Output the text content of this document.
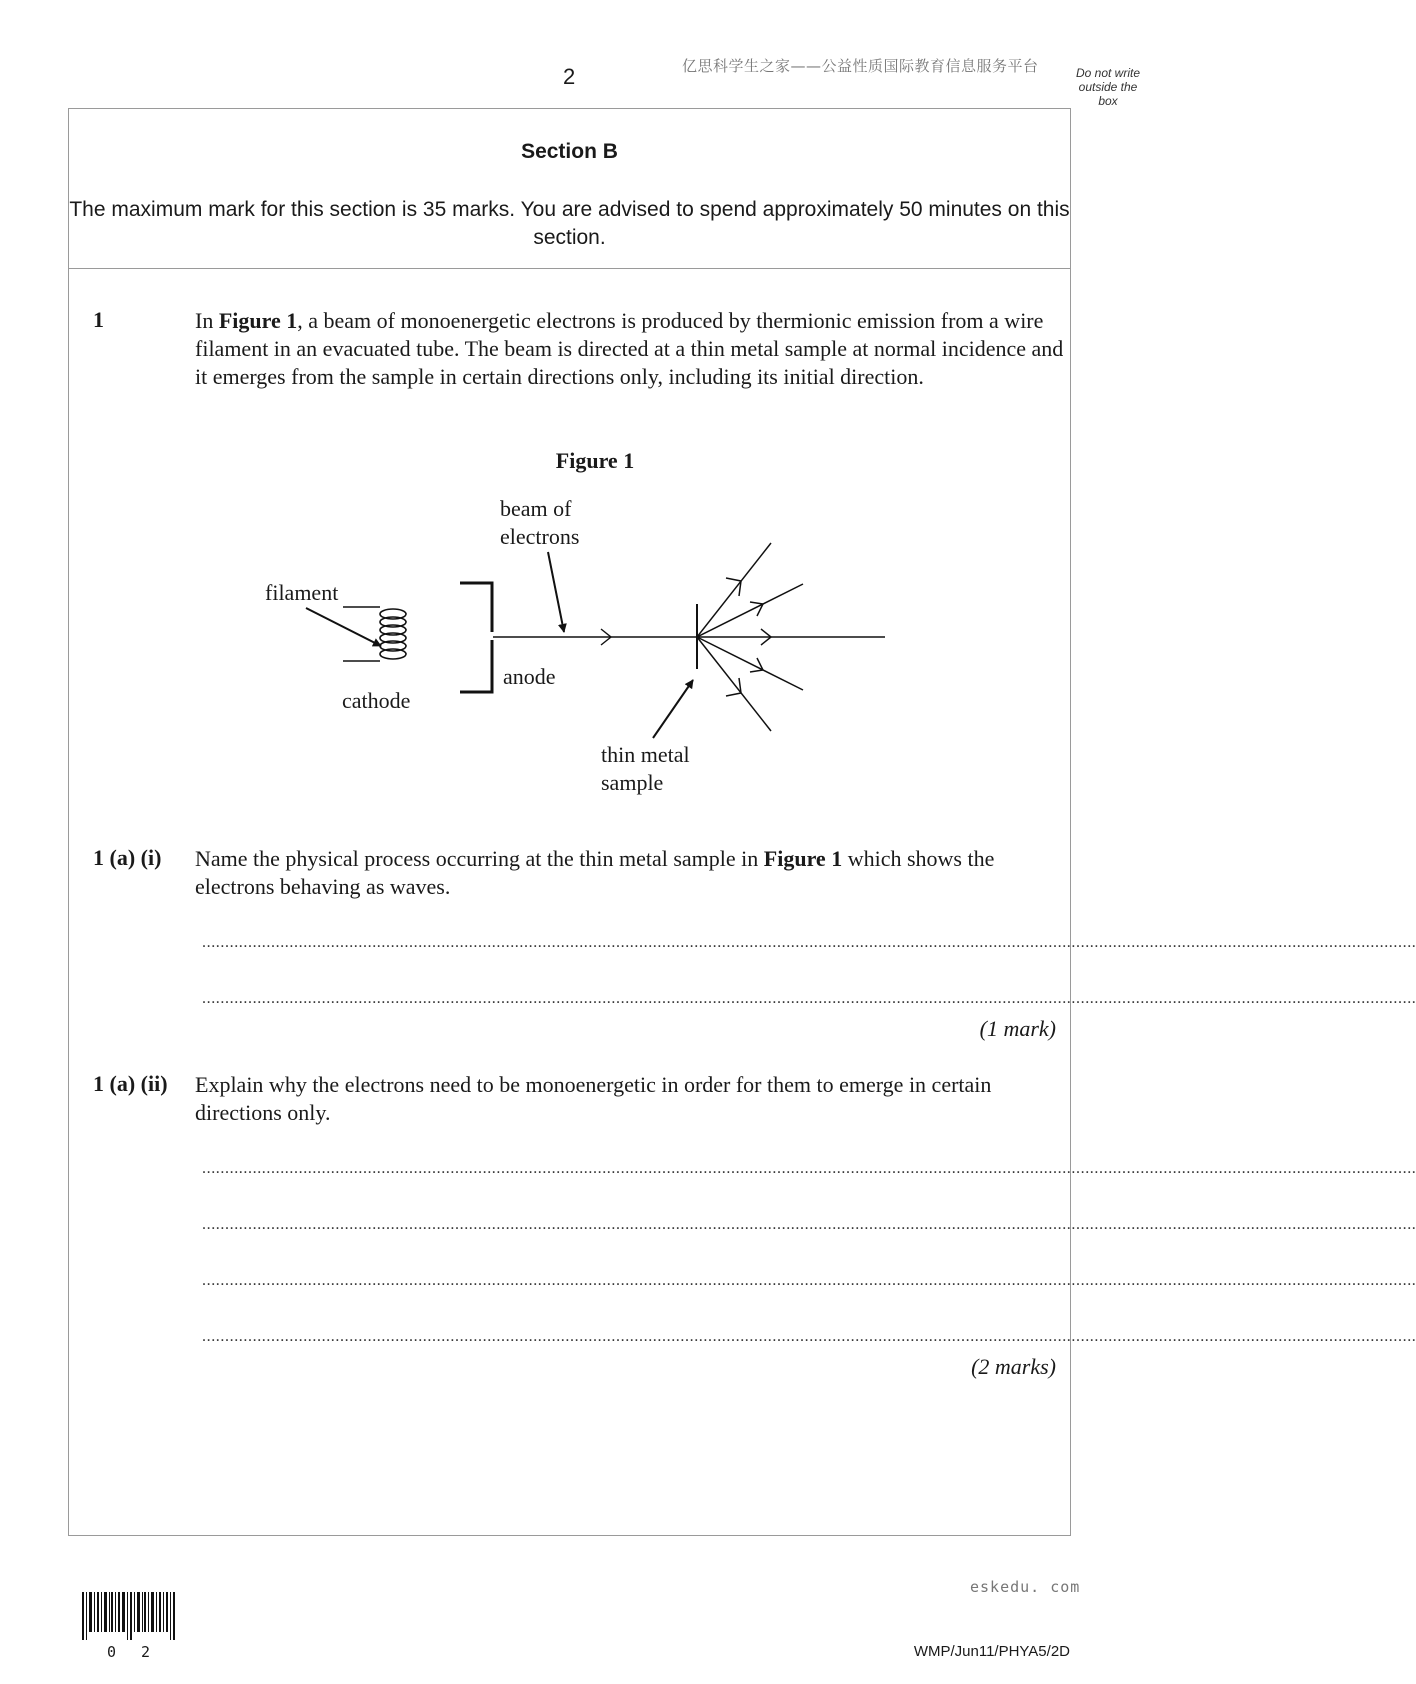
2	亿思科学生之家——公益性质国际教育信息服务平台	Do not write outside the box
Section B
The maximum mark for this section is 35 marks. You are advised to spend approximately 50 minutes on this section.
1	In Figure 1, a beam of monoenergetic electrons is produced by thermionic emission from a wire filament in an evacuated tube. The beam is directed at a thin metal sample at normal incidence and it emerges from the sample in certain directions only, including its initial direction.
Figure 1
filament
cathode
anode
beam of
electrons
thin metal
sample
1 (a) (i) Name the physical process occurring at the thin metal sample in Figure 1 which shows the electrons behaving as waves.
........................................................................................................................................................................................................................................................................
........................................................................................................................................................................................................................................................................
(1 mark)
1 (a) (ii) Explain why the electrons need to be monoenergetic in order for them to emerge in certain directions only.
........................................................................................................................................................................................................................................................................
........................................................................................................................................................................................................................................................................
........................................................................................................................................................................................................................................................................
........................................................................................................................................................................................................................................................................
(2 marks)
eskedu. com
0 2	WMP/Jun11/PHYA5/2D
